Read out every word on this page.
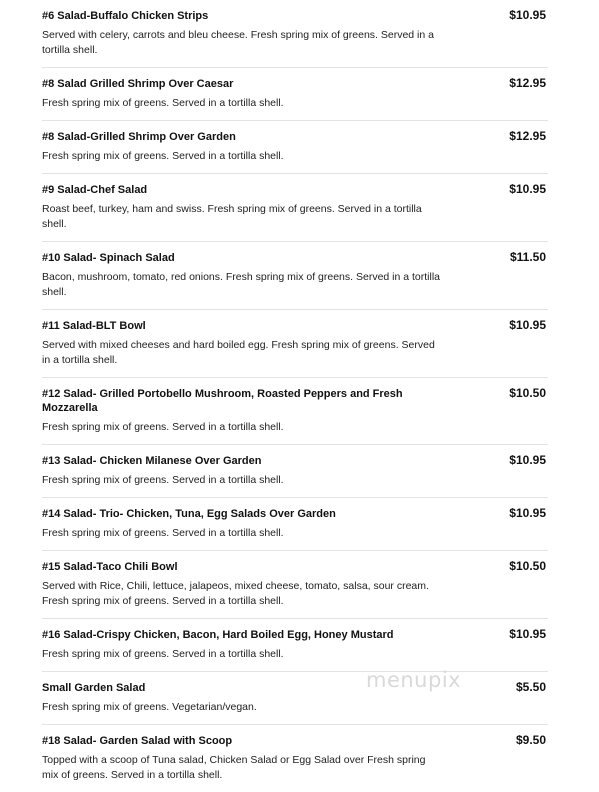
#6 Salad-Buffalo Chicken Strips	$10.95
Served with celery, carrots and bleu cheese. Fresh spring mix of greens. Served in a tortilla shell.
#8 Salad Grilled Shrimp Over Caesar	$12.95
Fresh spring mix of greens. Served in a tortilla shell.
#8 Salad-Grilled Shrimp Over Garden	$12.95
Fresh spring mix of greens. Served in a tortilla shell.
#9 Salad-Chef Salad	$10.95
Roast beef, turkey, ham and swiss. Fresh spring mix of greens. Served in a tortilla shell.
#10 Salad- Spinach Salad	$11.50
Bacon, mushroom, tomato, red onions. Fresh spring mix of greens. Served in a tortilla shell.
#11 Salad-BLT Bowl	$10.95
Served with mixed cheeses and hard boiled egg. Fresh spring mix of greens. Served in a tortilla shell.
#12 Salad- Grilled Portobello Mushroom, Roasted Peppers and Fresh Mozzarella
$10.50
Fresh spring mix of greens. Served in a tortilla shell.
#13 Salad- Chicken Milanese Over Garden	$10.95
Fresh spring mix of greens. Served in a tortilla shell.
#14 Salad- Trio- Chicken, Tuna, Egg Salads Over Garden	$10.95
Fresh spring mix of greens. Served in a tortilla shell.
#15 Salad-Taco Chili Bowl	$10.50
Served with Rice, Chili, lettuce, jalapeos, mixed cheese, tomato, salsa, sour cream. Fresh spring mix of greens. Served in a tortilla shell.
#16 Salad-Crispy Chicken, Bacon, Hard Boiled Egg, Honey Mustard	$10.95
Fresh spring mix of greens. Served in a tortilla shell.
Small Garden Salad	$5.50
Fresh spring mix of greens. Vegetarian/vegan.
#18 Salad- Garden Salad with Scoop	$9.50
Topped with a scoop of Tuna salad, Chicken Salad or Egg Salad over Fresh spring mix of greens. Served in a tortilla shell.
menupix
